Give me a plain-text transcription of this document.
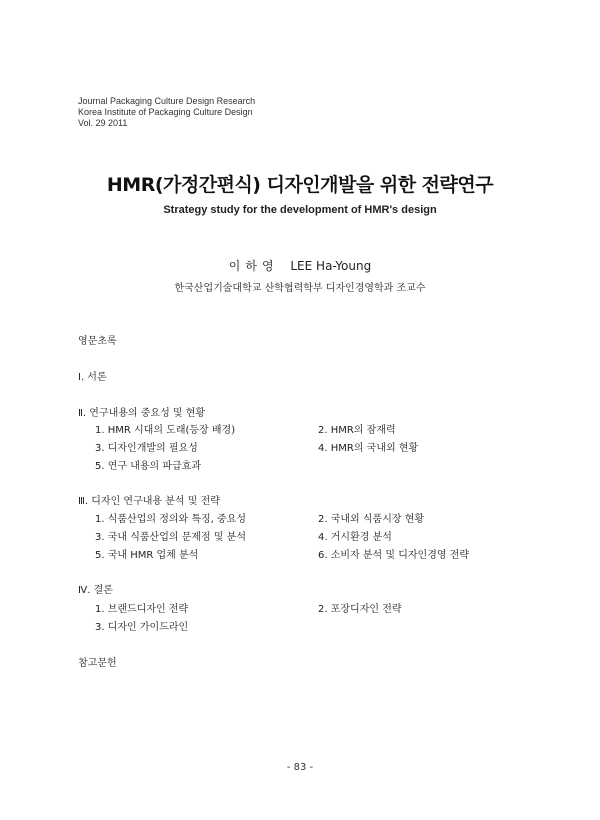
Journal Packaging Culture Design Research
Korea Institute of Packaging Culture Design
Vol. 29 2011
HMR(가정간편식) 디자인개발을 위한 전략연구
Strategy study for the development of HMR's design
이하영 LEE Ha-Young
한국산업기술대학교 산학협력학부 디자인경영학과 조교수
영문초록
Ⅰ. 서론
Ⅱ. 연구내용의 중요성 및 현황
1. HMR 시대의 도래(등장 배경)	2. HMR의 잠재력
3. 디자인개발의 필요성	4. HMR의 국내외 현황
5. 연구 내용의 파급효과
Ⅲ. 디자인 연구내용 분석 및 전략
1. 식품산업의 정의와 특징, 중요성	2. 국내외 식품시장 현황
3. 국내 식품산업의 문제점 및 분석	4. 거시환경 분석
5. 국내 HMR 업체 분석	6. 소비자 분석 및 디자인경영 전략
Ⅳ. 결론
1. 브랜드디자인 전략	2. 포장디자인 전략
3. 디자인 가이드라인
참고문헌
- 83 -
